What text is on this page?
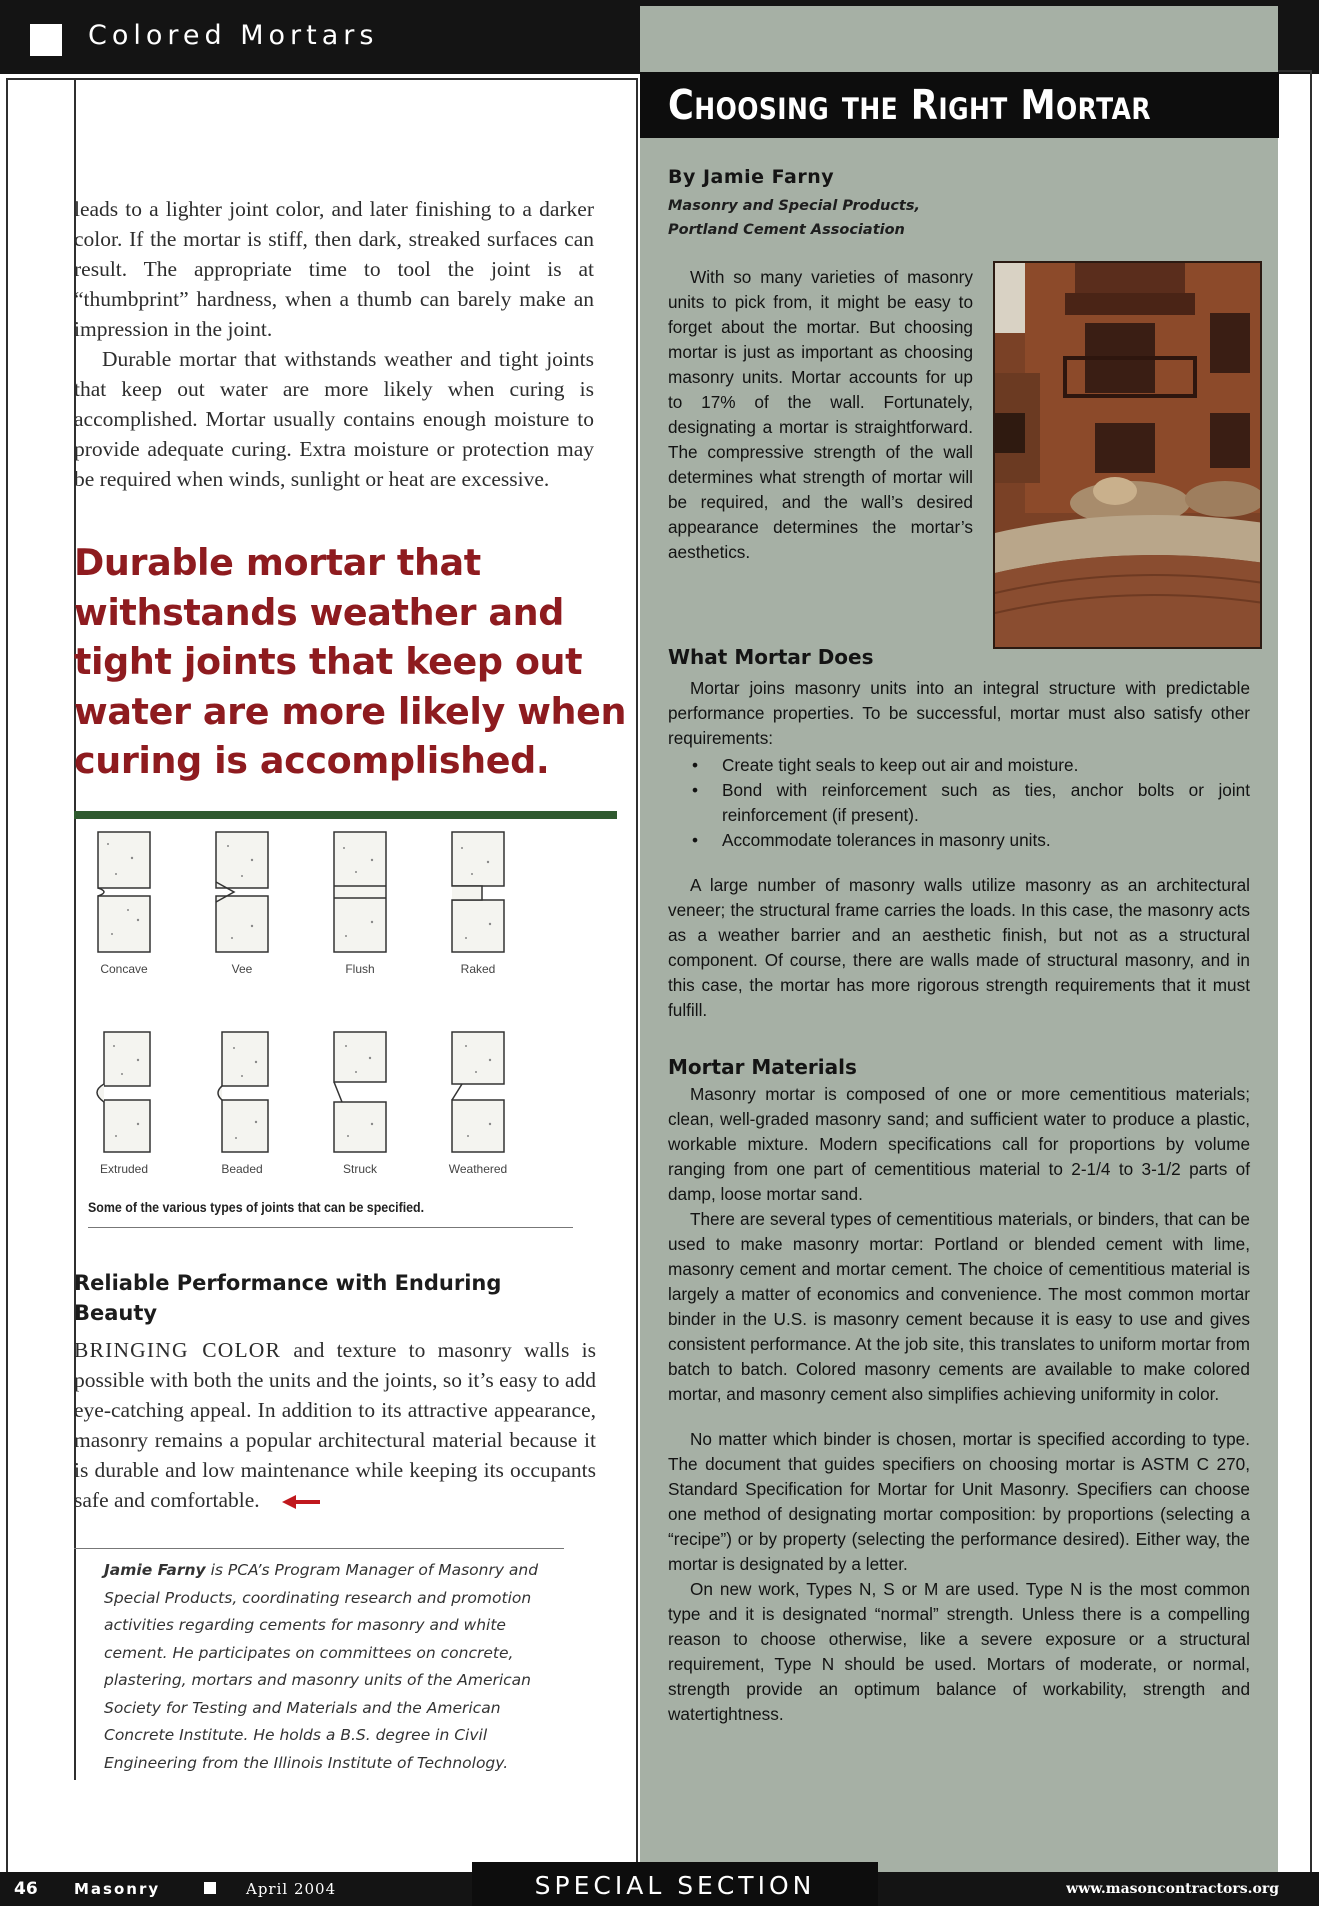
Colored Mortars

leads to a lighter joint color, and later finishing to a darker color. If the mortar is stiff, then dark, streaked surfaces can result. The appropriate time to tool the joint is at “thumbprint” hardness, when a thumb can barely make an impression in the joint.

Durable mortar that withstands weather and tight joints that keep out water are more likely when curing is accomplished. Mortar usually contains enough moisture to provide adequate curing. Extra moisture or protection may be required when winds, sunlight or heat are excessive.

Durable mortar that withstands weather and tight joints that keep out water are more likely when curing is accomplished.
Concave	Vee	Flush	Raked
Extruded	Beaded	Struck	Weathered
Some of the various types of joints that can be specified.
Reliable Performance with Enduring Beauty
BRINGING COLOR and texture to masonry walls is possible with both the units and the joints, so it’s easy to add eye-catching appeal. In addition to its attractive appearance, masonry remains a popular architectural material because it is durable and low maintenance while keeping its occupants safe and comfortable.
Jamie Farny is PCA’s Program Manager of Masonry and Special Products, coordinating research and promotion activities regarding cements for masonry and white cement. He participates on committees on concrete, plastering, mortars and masonry units of the American Society for Testing and Materials and the American Concrete Institute. He holds a B.S. degree in Civil Engineering from the Illinois Institute of Technology.
Choosing the Right Mortar
By Jamie Farny
Masonry and Special Products,
Portland Cement Association

With so many varieties of masonry units to pick from, it might be easy to forget about the mortar. But choosing mortar is just as important as choosing masonry units. Mortar accounts for up to 17% of the wall. Fortunately, designating a mortar is straightforward. The compressive strength of the wall determines what strength of mortar will be required, and the wall’s desired appearance determines the mortar’s aesthetics.

What Mortar Does

Mortar joins masonry units into an integral structure with predictable performance properties. To be successful, mortar must also satisfy other requirements:

• Create tight seals to keep out air and moisture.
• Bond with reinforcement such as ties, anchor bolts or joint reinforcement (if present).
• Accommodate tolerances in masonry units.

A large number of masonry walls utilize masonry as an architectural veneer; the structural frame carries the loads. In this case, the masonry acts as a weather barrier and an aesthetic finish, but not as a structural component. Of course, there are walls made of structural masonry, and in this case, the mortar has more rigorous strength requirements that it must fulfill.

Mortar Materials

Masonry mortar is composed of one or more cementitious materials; clean, well-graded masonry sand; and sufficient water to produce a plastic, workable mixture. Modern specifications call for proportions by volume ranging from one part of cementitious material to 2-1/4 to 3-1/2 parts of damp, loose mortar sand.

There are several types of cementitious materials, or binders, that can be used to make masonry mortar: Portland or blended cement with lime, masonry cement and mortar cement. The choice of cementitious material is largely a matter of economics and convenience. The most common mortar binder in the U.S. is masonry cement because it is easy to use and gives consistent performance. At the job site, this translates to uniform mortar from batch to batch. Colored masonry cements are available to make colored mortar, and masonry cement also simplifies achieving uniformity in color.

No matter which binder is chosen, mortar is specified according to type. The document that guides specifiers on choosing mortar is ASTM C 270, Standard Specification for Mortar for Unit Masonry. Specifiers can choose one method of designating mortar composition: by proportions (selecting a “recipe”) or by property (selecting the performance desired). Either way, the mortar is designated by a letter.

On new work, Types N, S or M are used. Type N is the most common type and it is designated “normal” strength. Unless there is a compelling reason to choose otherwise, like a severe exposure or a structural requirement, Type N should be used. Mortars of moderate, or normal, strength provide an optimum balance of workability, strength and watertightness.

46 Masonry	April 2004	www.masoncontractors.org
SPECIAL SECTION
